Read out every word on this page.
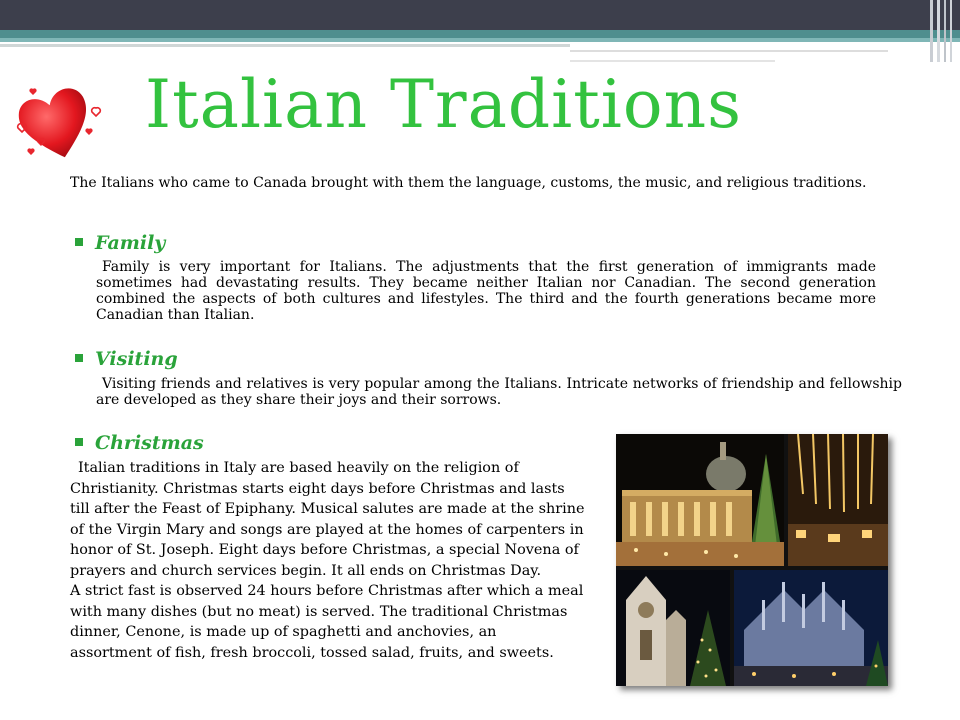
Italian Traditions
The Italians who came to Canada brought with them the language, customs, the music, and religious traditions.
Family
Family is very important for Italians. The adjustments that the first generation of immigrants made sometimes had devastating results. They became neither Italian nor Canadian. The second generation combined the aspects of both cultures and lifestyles. The third and the fourth generations became more Canadian than Italian.
Visiting
Visiting friends and relatives is very popular among the Italians. Intricate networks of friendship and fellowship are developed as they share their joys and their sorrows.
Christmas

Italian traditions in Italy are based heavily on the religion of

Christianity. Christmas starts eight days before Christmas and lasts

till after the Feast of Epiphany. Musical salutes are made at the shrine

of the Virgin Mary and songs are played at the homes of carpenters in

honor of St. Joseph. Eight days before Christmas, a special Novena of

prayers and church services begin. It all ends on Christmas Day.

A strict fast is observed 24 hours before Christmas after which a meal

with many dishes (but no meat) is served. The traditional Christmas

dinner, Cenone, is made up of spaghetti and anchovies, an

assortment of fish, fresh broccoli, tossed salad, fruits, and sweets.
